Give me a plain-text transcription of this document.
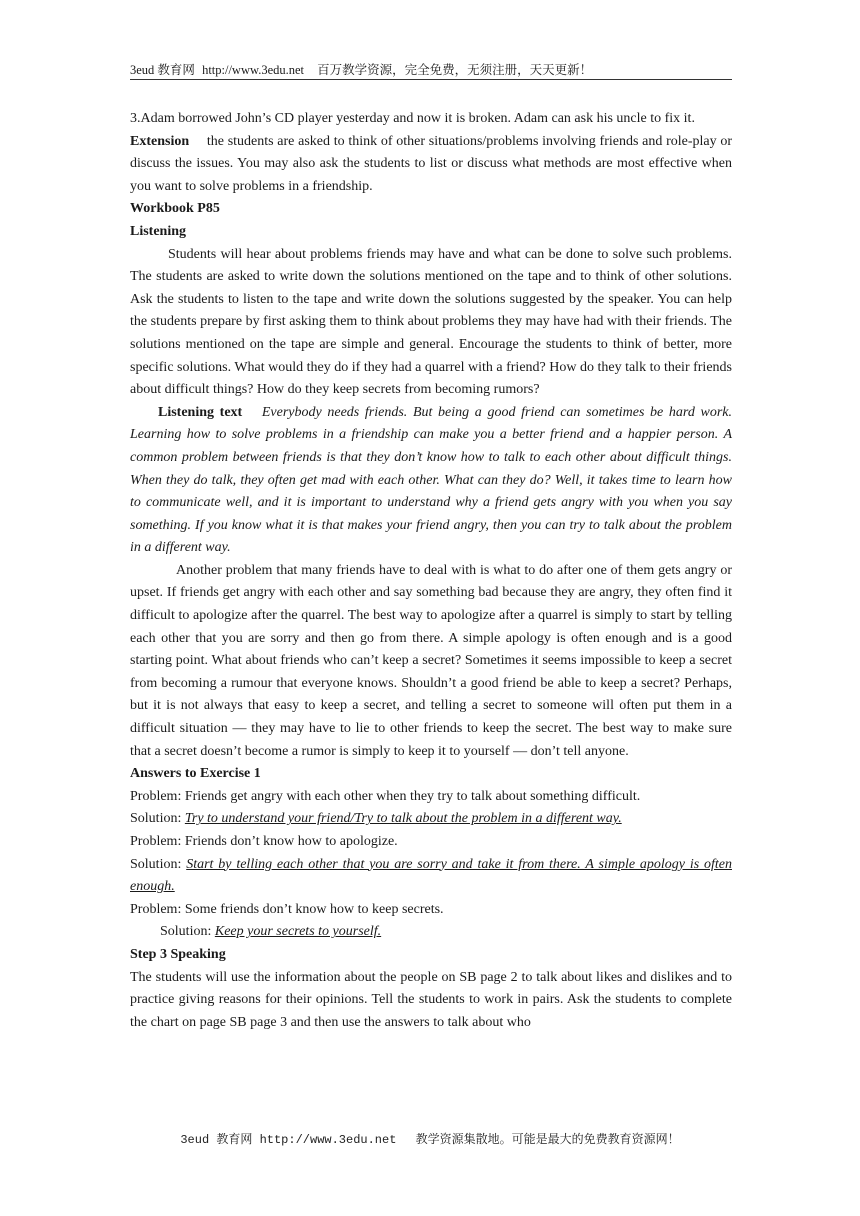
3eud 教育网 http://www.3edu.net 百万教学资源，完全免费，无须注册，天天更新！

3.Adam borrowed John’s CD player yesterday and now it is broken. Adam can ask his uncle to fix it.

Extension the students are asked to think of other situations/problems involving friends and role-play or discuss the issues. You may also ask the students to list or discuss what methods are most effective when you want to solve problems in a friendship.

Workbook P85

Listening

Students will hear about problems friends may have and what can be done to solve such problems. The students are asked to write down the solutions mentioned on the tape and to think of other solutions. Ask the students to listen to the tape and write down the solutions suggested by the speaker. You can help the students prepare by first asking them to think about problems they may have had with their friends. The solutions mentioned on the tape are simple and general. Encourage the students to think of better, more specific solutions. What would they do if they had a quarrel with a friend? How do they talk to their friends about difficult things? How do they keep secrets from becoming rumors?

Listening text Everybody needs friends. But being a good friend can sometimes be hard work. Learning how to solve problems in a friendship can make you a better friend and a happier person. A common problem between friends is that they don’t know how to talk to each other about difficult things. When they do talk, they often get mad with each other. What can they do? Well, it takes time to learn how to communicate well, and it is important to understand why a friend gets angry with you when you say something. If you know what it is that makes your friend angry, then you can try to talk about the problem in a different way.

Another problem that many friends have to deal with is what to do after one of them gets angry or upset. If friends get angry with each other and say something bad because they are angry, they often find it difficult to apologize after the quarrel. The best way to apologize after a quarrel is simply to start by telling each other that you are sorry and then go from there. A simple apology is often enough and is a good starting point. What about friends who can’t keep a secret? Sometimes it seems impossible to keep a secret from becoming a rumour that everyone knows. Shouldn’t a good friend be able to keep a secret? Perhaps, but it is not always that easy to keep a secret, and telling a secret to someone will often put them in a difficult situation — they may have to lie to other friends to keep the secret. The best way to make sure that a secret doesn’t become a rumor is simply to keep it to yourself — don’t tell anyone.

Answers to Exercise 1

Problem: Friends get angry with each other when they try to talk about something difficult.

Solution: Try to understand your friend/Try to talk about the problem in a different way.

Problem: Friends don’t know how to apologize.

Solution: Start by telling each other that you are sorry and take it from there. A simple apology is often enough.

Problem: Some friends don’t know how to keep secrets.

Solution: Keep your secrets to yourself.

Step 3 Speaking

The students will use the information about the people on SB page 2 to talk about likes and dislikes and to practice giving reasons for their opinions. Tell the students to work in pairs. Ask the students to complete the chart on page SB page 3 and then use the answers to talk about who

3eud 教育网 http://www.3edu.net 教学资源集散地。可能是最大的免费教育资源网！
